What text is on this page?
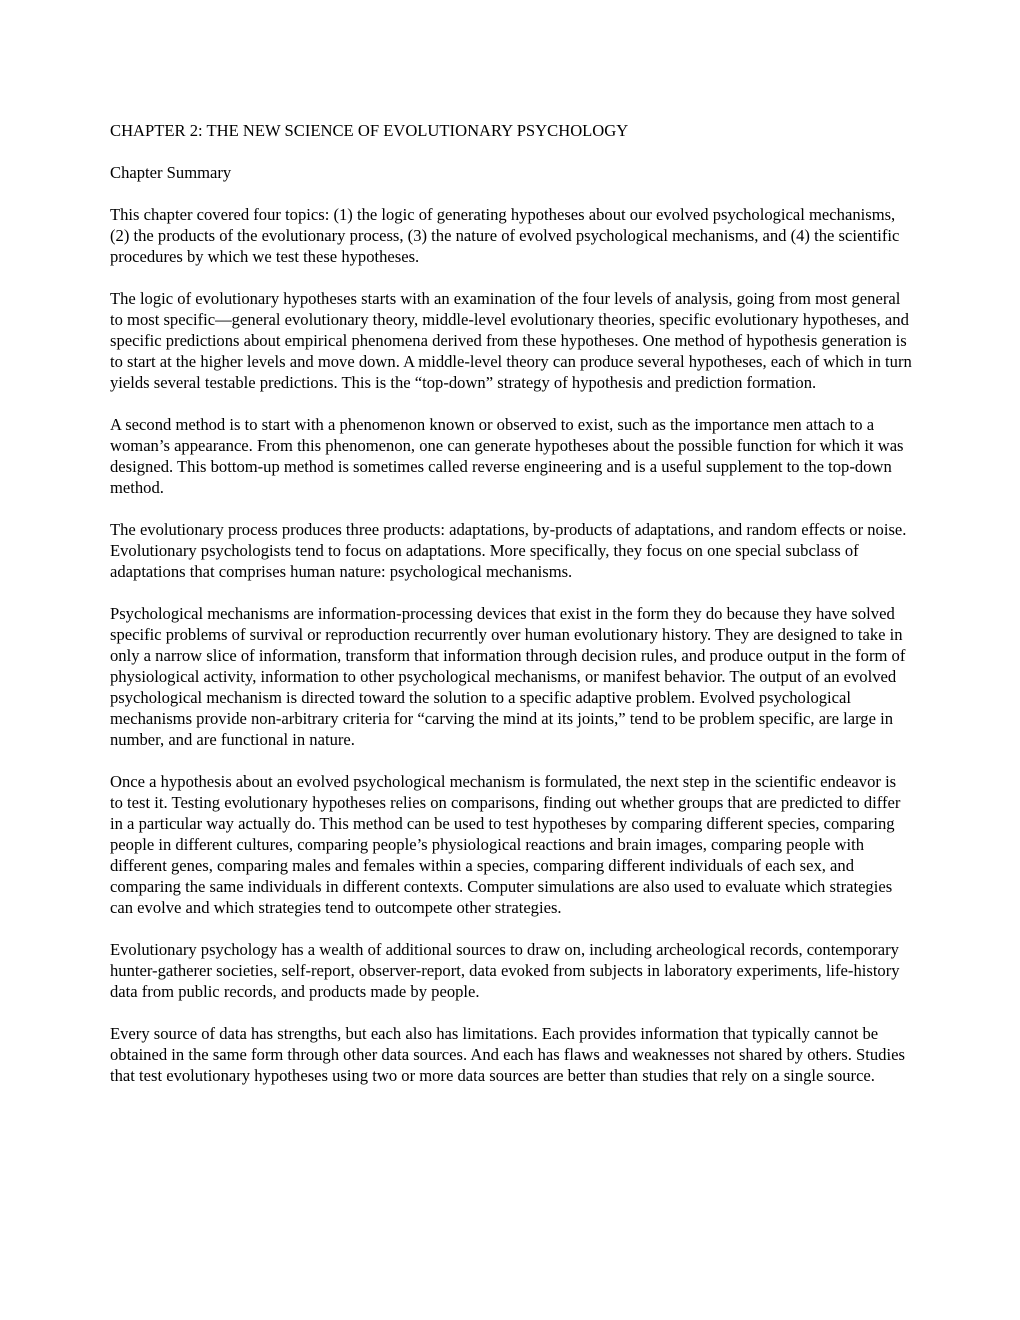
CHAPTER 2: THE NEW SCIENCE OF EVOLUTIONARY PSYCHOLOGY

Chapter Summary

This chapter covered four topics: (1) the logic of generating hypotheses about our evolved psychological mechanisms, (2) the products of the evolutionary process, (3) the nature of evolved psychological mechanisms, and (4) the scientific procedures by which we test these hypotheses.

The logic of evolutionary hypotheses starts with an examination of the four levels of analysis, going from most general to most specific—general evolutionary theory, middle-level evolutionary theories, specific evolutionary hypotheses, and specific predictions about empirical phenomena derived from these hypotheses. One method of hypothesis generation is to start at the higher levels and move down. A middle-level theory can produce several hypotheses, each of which in turn yields several testable predictions. This is the “top-down” strategy of hypothesis and prediction formation.

A second method is to start with a phenomenon known or observed to exist, such as the importance men attach to a woman’s appearance. From this phenomenon, one can generate hypotheses about the possible function for which it was designed. This bottom-up method is sometimes called reverse engineering and is a useful supplement to the top-down method.

The evolutionary process produces three products: adaptations, by-products of adaptations, and random effects or noise. Evolutionary psychologists tend to focus on adaptations. More specifically, they focus on one special subclass of adaptations that comprises human nature: psychological mechanisms.

Psychological mechanisms are information-processing devices that exist in the form they do because they have solved specific problems of survival or reproduction recurrently over human evolutionary history. They are designed to take in only a narrow slice of information, transform that information through decision rules, and produce output in the form of physiological activity, information to other psychological mechanisms, or manifest behavior. The output of an evolved psychological mechanism is directed toward the solution to a specific adaptive problem. Evolved psychological mechanisms provide non-arbitrary criteria for “carving the mind at its joints,” tend to be problem specific, are large in number, and are functional in nature.

Once a hypothesis about an evolved psychological mechanism is formulated, the next step in the scientific endeavor is to test it. Testing evolutionary hypotheses relies on comparisons, finding out whether groups that are predicted to differ in a particular way actually do. This method can be used to test hypotheses by comparing different species, comparing people in different cultures, comparing people’s physiological reactions and brain images, comparing people with different genes, comparing males and females within a species, comparing different individuals of each sex, and comparing the same individuals in different contexts. Computer simulations are also used to evaluate which strategies can evolve and which strategies tend to outcompete other strategies.

Evolutionary psychology has a wealth of additional sources to draw on, including archeological records, contemporary hunter-gatherer societies, self-report, observer-report, data evoked from subjects in laboratory experiments, life-history data from public records, and products made by people.

Every source of data has strengths, but each also has limitations. Each provides information that typically cannot be obtained in the same form through other data sources. And each has flaws and weaknesses not shared by others. Studies that test evolutionary hypotheses using two or more data sources are better than studies that rely on a single source.
